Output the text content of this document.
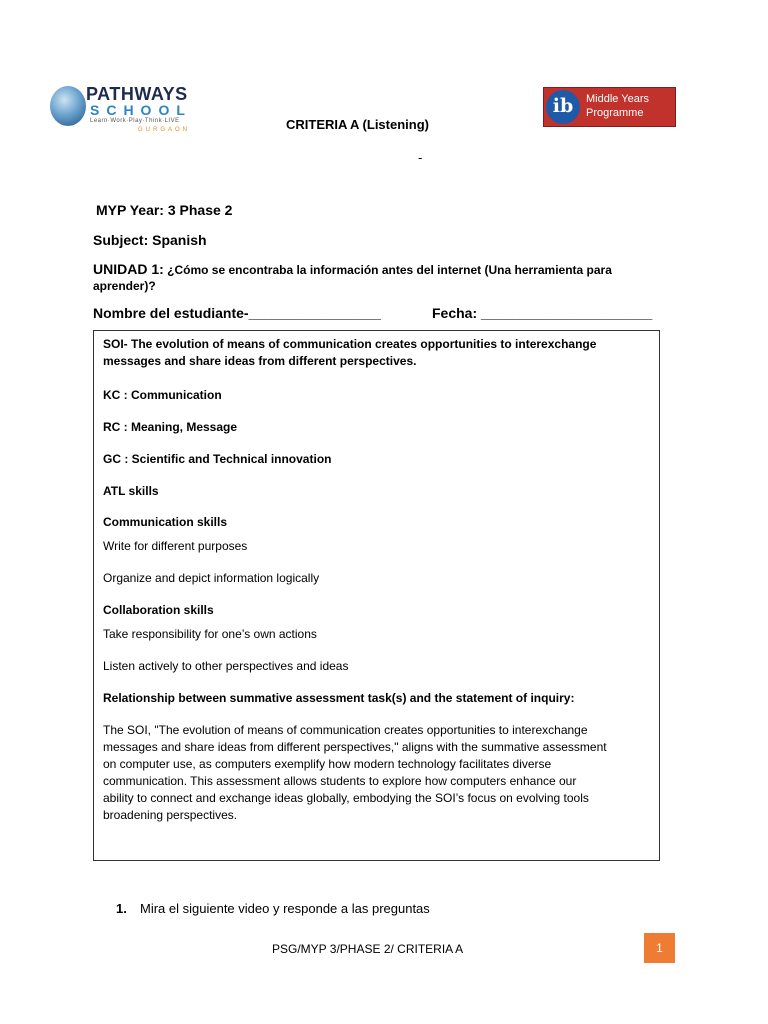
PATHWAYS
SCHOOL
Learn·Work·Play·Think·LIVE
GURGAON
ib	Middle Years
Programme
CRITERIA A (Listening)
-
MYP Year: 3 Phase 2
Subject: Spanish
UNIDAD 1: ¿Cómo se encontraba la información antes del internet (Una herramienta para aprender)?
Nombre del estudiante-_________________	Fecha: ______________________
SOI- The evolution of means of communication creates opportunities to interexchange
messages and share ideas from different perspectives.
KC : Communication
RC : Meaning, Message
GC : Scientific and Technical innovation
ATL skills
Communication skills
Write for different purposes
Organize and depict information logically
Collaboration skills
Take responsibility for one’s own actions
Listen actively to other perspectives and ideas
Relationship between summative assessment task(s) and the statement of inquiry:
The SOI, "The evolution of means of communication creates opportunities to interexchange
messages and share ideas from different perspectives," aligns with the summative assessment
on computer use, as computers exemplify how modern technology facilitates diverse
communication. This assessment allows students to explore how computers enhance our
ability to connect and exchange ideas globally, embodying the SOI’s focus on evolving tools
broadening perspectives.
1. Mira el siguiente video y responde a las preguntas
PSG/MYP 3/PHASE 2/ CRITERIA A	1
